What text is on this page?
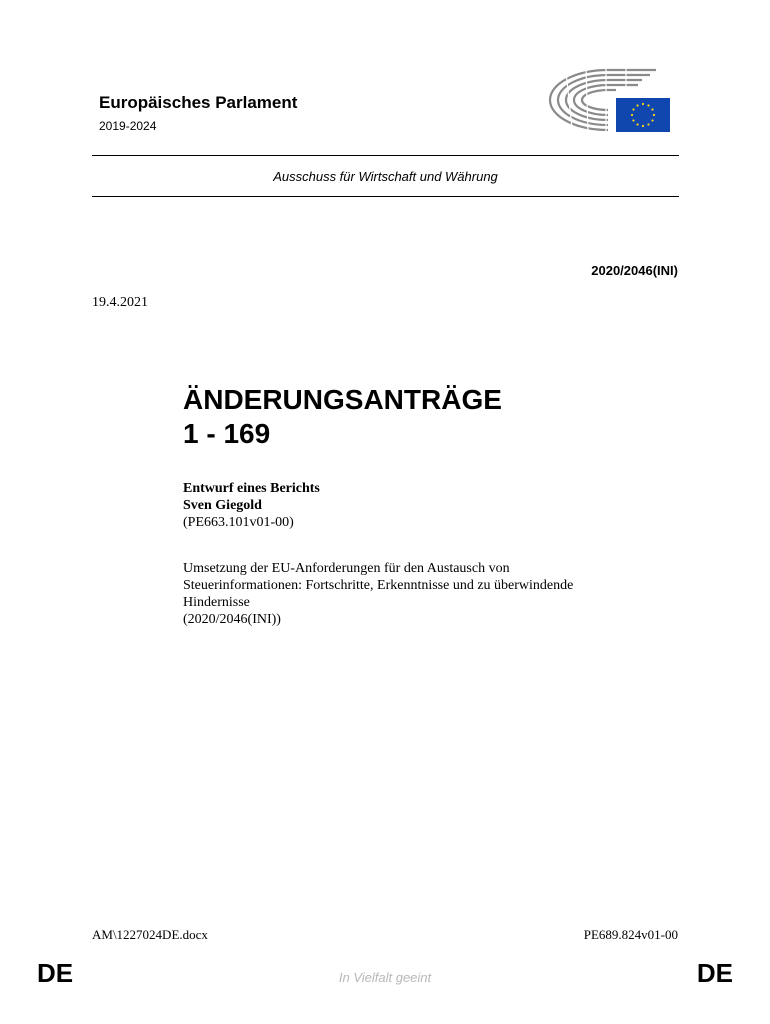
Europäisches Parlament
2019-2024
Ausschuss für Wirtschaft und Währung
2020/2046(INI)
19.4.2021
ÄNDERUNGSANTRÄGE
1 - 169
Entwurf eines Berichts
Sven Giegold
(PE663.101v01-00)
Umsetzung der EU-Anforderungen für den Austausch von
Steuerinformationen: Fortschritte, Erkenntnisse und zu überwindende
Hindernisse
(2020/2046(INI))
AM\1227024DE.docx	PE689.824v01-00
DE	In Vielfalt geeint	DE
